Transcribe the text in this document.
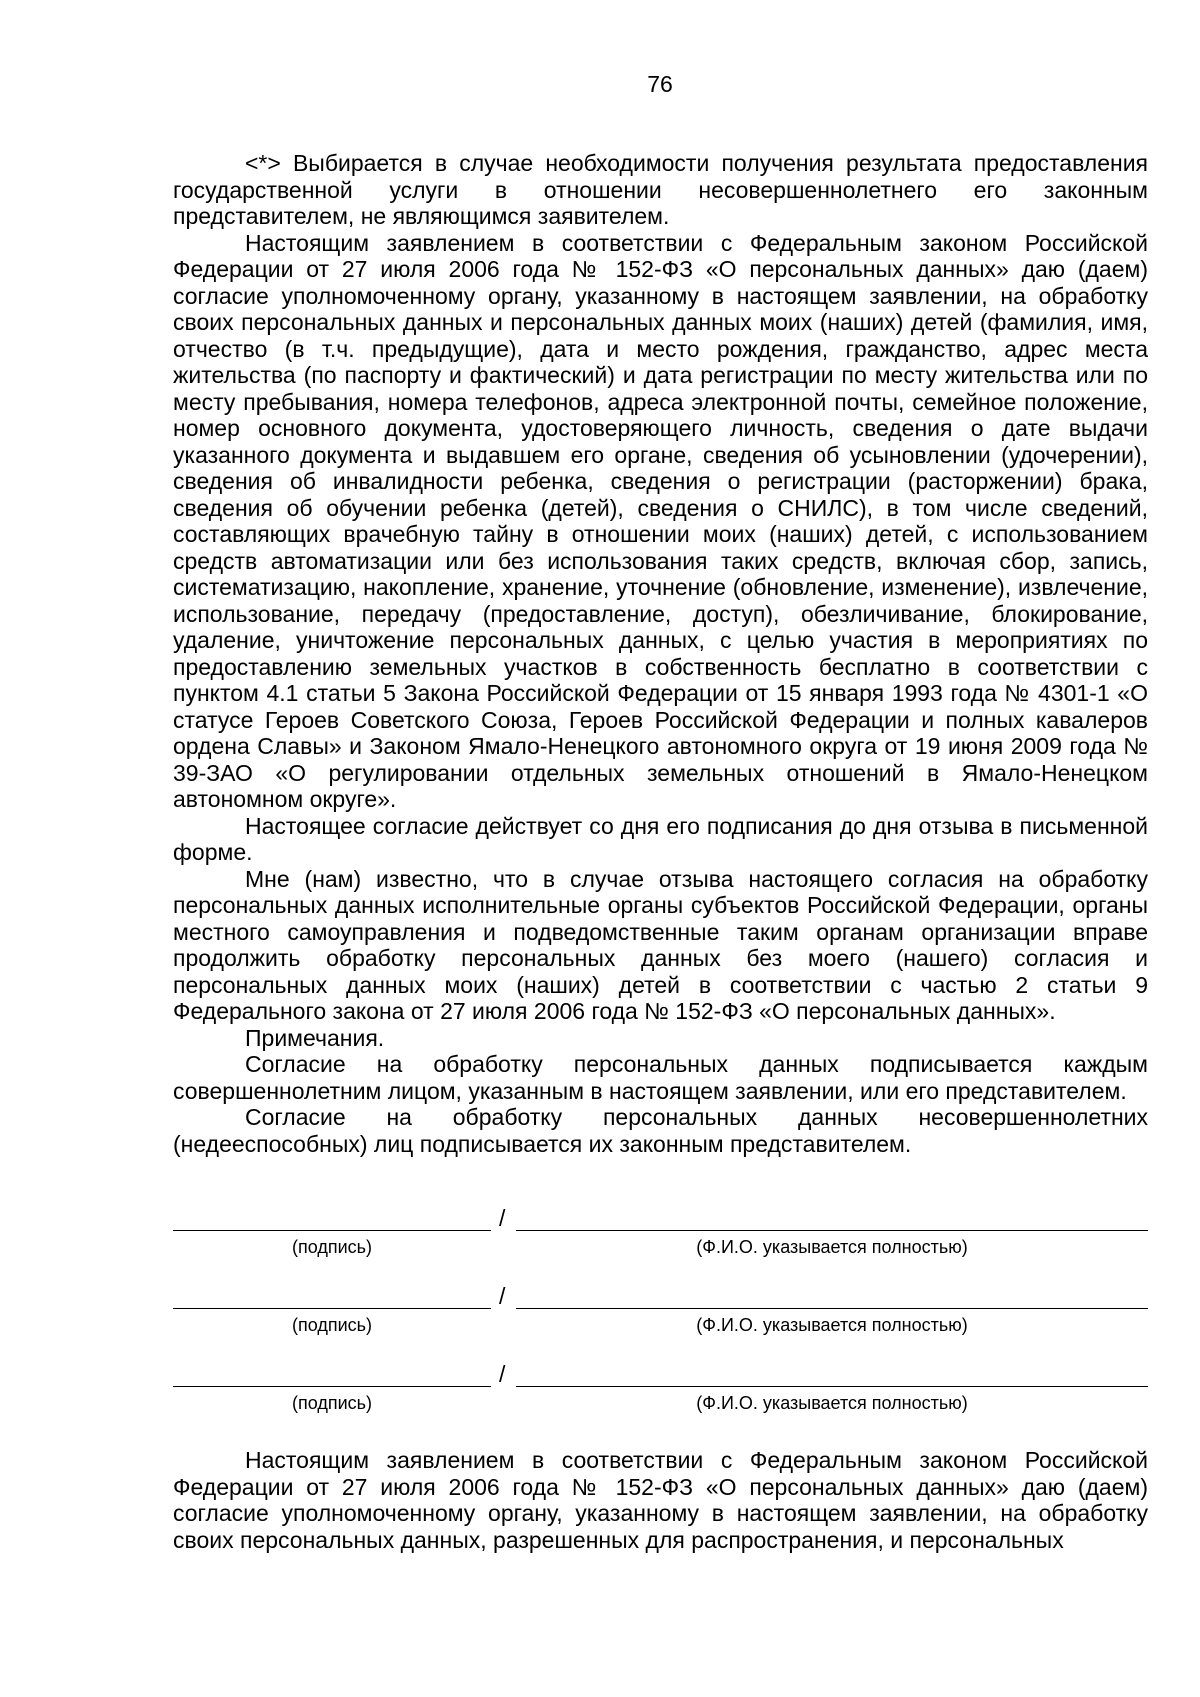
76

<*> Выбирается в случае необходимости получения результата предоставления государственной услуги в отношении несовершеннолетнего его законным представителем, не являющимся заявителем.

Настоящим заявлением в соответствии с Федеральным законом Российской Федерации от 27 июля 2006 года № 152-ФЗ «О персональных данных» даю (даем) согласие уполномоченному органу, указанному в настоящем заявлении, на обработку своих персональных данных и персональных данных моих (наших) детей (фамилия, имя, отчество (в т.ч. предыдущие), дата и место рождения, гражданство, адрес места жительства (по паспорту и фактический) и дата регистрации по месту жительства или по месту пребывания, номера телефонов, адреса электронной почты, семейное положение, номер основного документа, удостоверяющего личность, сведения о дате выдачи указанного документа и выдавшем его органе, сведения об усыновлении (удочерении), сведения об инвалидности ребенка, сведения о регистрации (расторжении) брака, сведения об обучении ребенка (детей), сведения о СНИЛС), в том числе сведений, составляющих врачебную тайну в отношении моих (наших) детей, с использованием средств автоматизации или без использования таких средств, включая сбор, запись, систематизацию, накопление, хранение, уточнение (обновление, изменение), извлечение, использование, передачу (предоставление, доступ), обезличивание, блокирование, удаление, уничтожение персональных данных, с целью участия в мероприятиях по предоставлению земельных участков в собственность бесплатно в соответствии с пунктом 4.1 статьи 5 Закона Российской Федерации от 15 января 1993 года № 4301-1 «О статусе Героев Советского Союза, Героев Российской Федерации и полных кавалеров ордена Славы» и Законом Ямало-Ненецкого автономного округа от 19 июня 2009 года № 39-ЗАО «О регулировании отдельных земельных отношений в Ямало-Ненецком автономном округе».

Настоящее согласие действует со дня его подписания до дня отзыва в письменной форме.

Мне (нам) известно, что в случае отзыва настоящего согласия на обработку персональных данных исполнительные органы субъектов Российской Федерации, органы местного самоуправления и подведомственные таким органам организации вправе продолжить обработку персональных данных без моего (нашего) согласия и персональных данных моих (наших) детей в соответствии с частью 2 статьи 9 Федерального закона от 27 июля 2006 года № 152-ФЗ «О персональных данных».

Примечания.

Согласие на обработку персональных данных подписывается каждым совершеннолетним лицом, указанным в настоящем заявлении, или его представителем.

Согласие на обработку персональных данных несовершеннолетних (недееспособных) лиц подписывается их законным представителем.

/
(подпись)	(Ф.И.О. указывается полностью)
/
(подпись)	(Ф.И.О. указывается полностью)
/
(подпись)	(Ф.И.О. указывается полностью)

Настоящим заявлением в соответствии с Федеральным законом Российской Федерации от 27 июля 2006 года № 152-ФЗ «О персональных данных» даю (даем) согласие уполномоченному органу, указанному в настоящем заявлении, на обработку своих персональных данных, разрешенных для распространения, и персональных
